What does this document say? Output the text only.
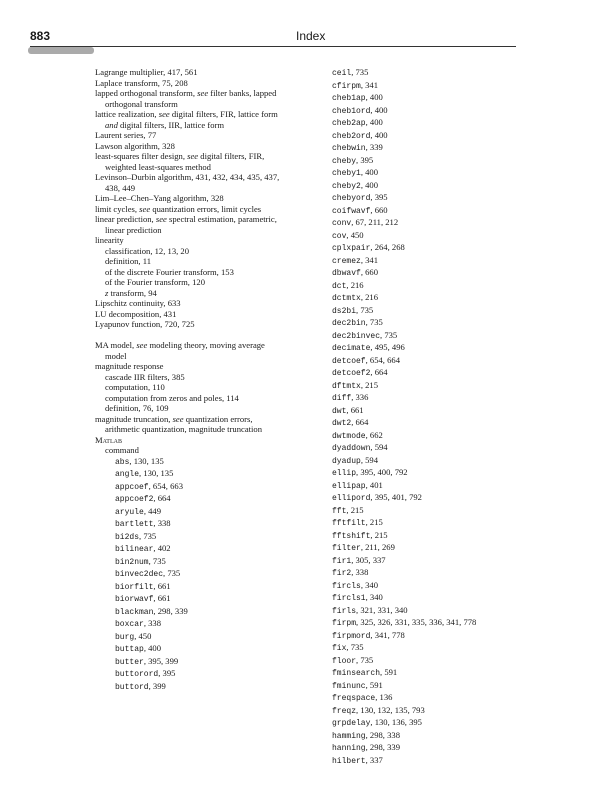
883	Index
Lagrange multiplier, 417, 561
Laplace transform, 75, 208
lapped orthogonal transform, see filter banks, lapped
orthogonal transform
lattice realization, see digital filters, FIR, lattice form
and digital filters, IIR, lattice form
Laurent series, 77
Lawson algorithm, 328
least-squares filter design, see digital filters, FIR,
weighted least-squares method
Levinson–Durbin algorithm, 431, 432, 434, 435, 437,
438, 449
Lim–Lee–Chen–Yang algorithm, 328
limit cycles, see quantization errors, limit cycles
linear prediction, see spectral estimation, parametric,
linear prediction
linearity
classification, 12, 13, 20
definition, 11
of the discrete Fourier transform, 153
of the Fourier transform, 120
z transform, 94
Lipschitz continuity, 633
LU decomposition, 431
Lyapunov function, 720, 725
MA model, see modeling theory, moving average
model
magnitude response
cascade IIR filters, 385
computation, 110
computation from zeros and poles, 114
definition, 76, 109
magnitude truncation, see quantization errors,
arithmetic quantization, magnitude truncation
Matlab
command
abs, 130, 135
angle, 130, 135
appcoef, 654, 663
appcoef2, 664
aryule, 449
bartlett, 338
bi2ds, 735
bilinear, 402
bin2num, 735
binvec2dec, 735
biorfilt, 661
biorwavf, 661
blackman, 298, 339
boxcar, 338
burg, 450
buttap, 400
butter, 395, 399
buttorord, 395
buttord, 399
ceil, 735
cfirpm, 341
cheb1ap, 400
cheb1ord, 400
cheb2ap, 400
cheb2ord, 400
chebwin, 339
cheby, 395
cheby1, 400
cheby2, 400
chebyord, 395
coifwavf, 660
conv, 67, 211, 212
cov, 450
cplxpair, 264, 268
cremez, 341
dbwavf, 660
dct, 216
dctmtx, 216
ds2bi, 735
dec2bin, 735
dec2binvec, 735
decimate, 495, 496
detcoef, 654, 664
detcoef2, 664
dftmtx, 215
diff, 336
dwt, 661
dwt2, 664
dwtmode, 662
dyaddown, 594
dyadup, 594
ellip, 395, 400, 792
ellipap, 401
ellipord, 395, 401, 792
fft, 215
fftfilt, 215
fftshift, 215
filter, 211, 269
fir1, 305, 337
fir2, 338
fircls, 340
fircls1, 340
firls, 321, 331, 340
firpm, 325, 326, 331, 335, 336, 341, 778
firpmord, 341, 778
fix, 735
floor, 735
fminsearch, 591
fminunc, 591
freqspace, 136
freqz, 130, 132, 135, 793
grpdelay, 130, 136, 395
hamming, 298, 338
hanning, 298, 339
hilbert, 337
